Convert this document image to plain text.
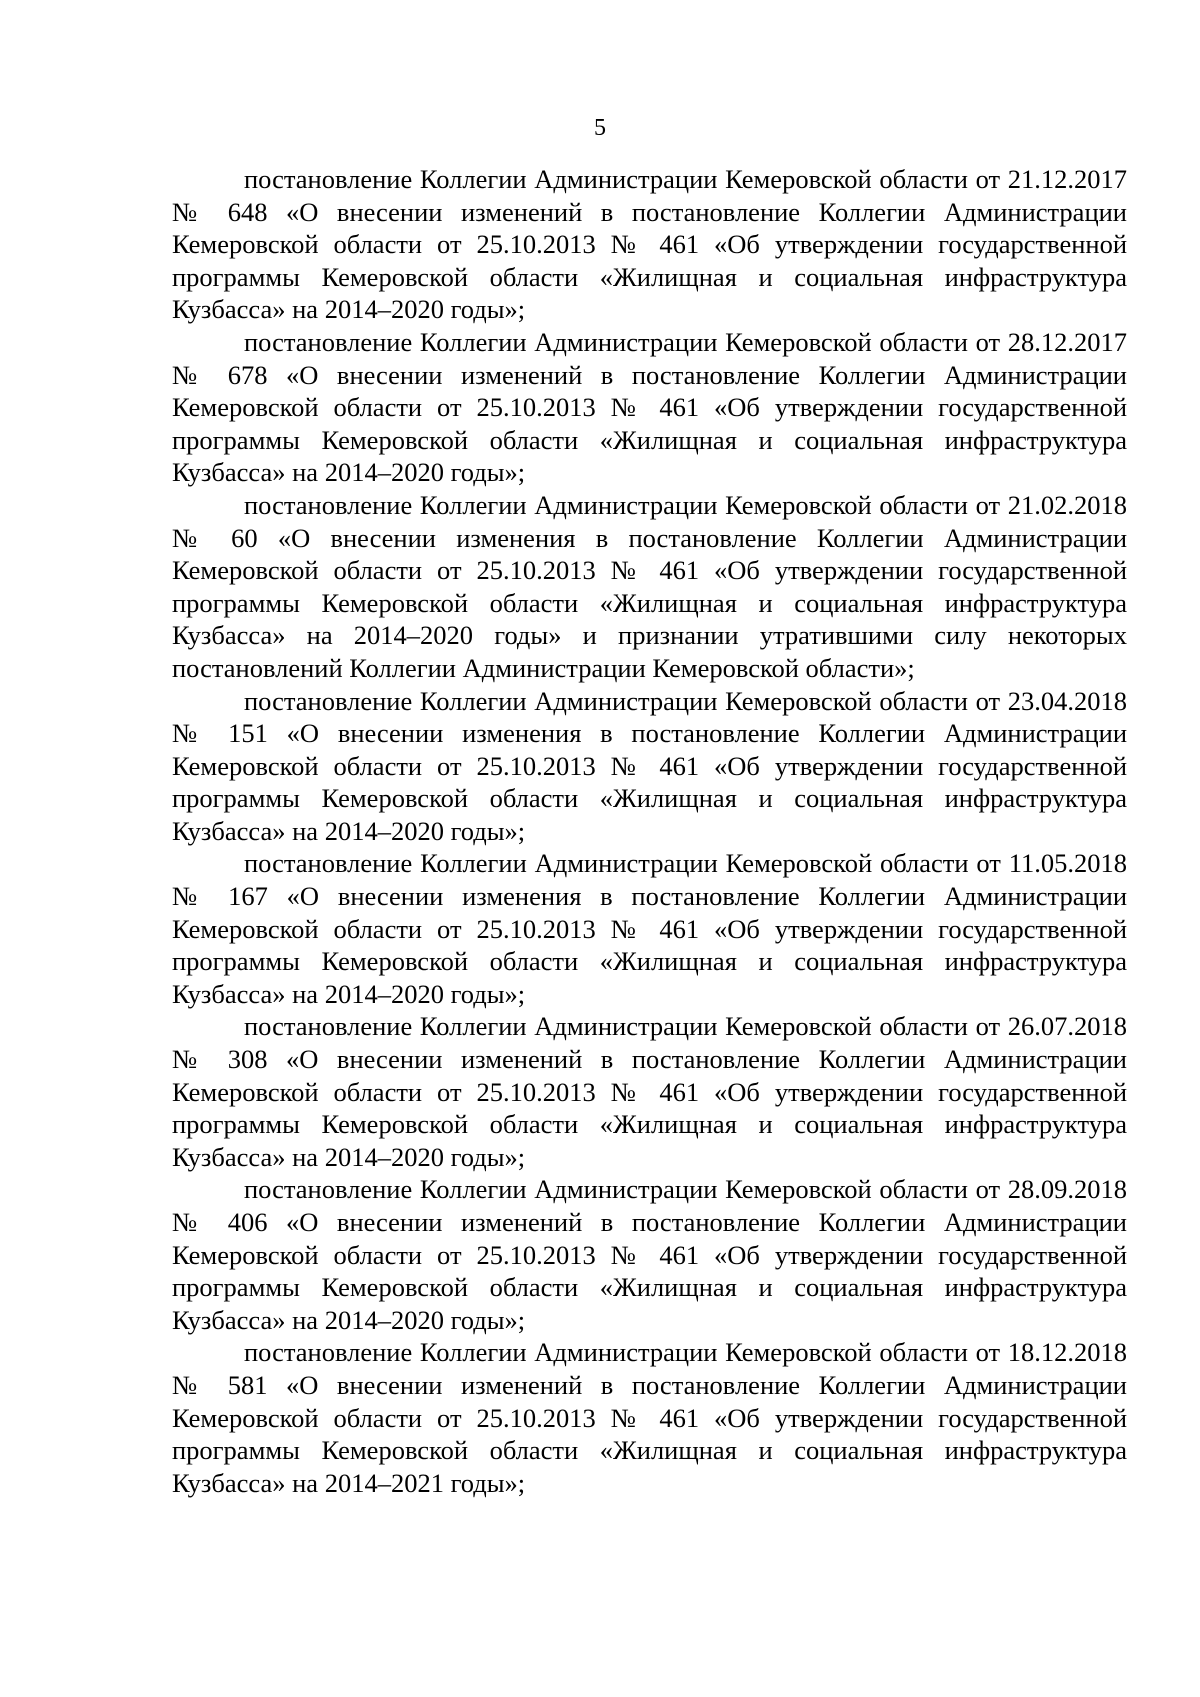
5

постановление Коллегии Администрации Кемеровской области от 21.12.2017 № 648 «О внесении изменений в постановление Коллегии Администрации Кемеровской области от 25.10.2013 № 461 «Об утверждении государственной программы Кемеровской области «Жилищная и социальная инфраструктура Кузбасса» на 2014–2020 годы»;

постановление Коллегии Администрации Кемеровской области от 28.12.2017 № 678 «О внесении изменений в постановление Коллегии Администрации Кемеровской области от 25.10.2013 № 461 «Об утверждении государственной программы Кемеровской области «Жилищная и социальная инфраструктура Кузбасса» на 2014–2020 годы»;

постановление Коллегии Администрации Кемеровской области от 21.02.2018 № 60 «О внесении изменения в постановление Коллегии Администрации Кемеровской области от 25.10.2013 № 461 «Об утверждении государственной программы Кемеровской области «Жилищная и социальная инфраструктура Кузбасса» на 2014–2020 годы» и признании утратившими силу некоторых постановлений Коллегии Администрации Кемеровской области»;

постановление Коллегии Администрации Кемеровской области от 23.04.2018 № 151 «О внесении изменения в постановление Коллегии Администрации Кемеровской области от 25.10.2013 № 461 «Об утверждении государственной программы Кемеровской области «Жилищная и социальная инфраструктура Кузбасса» на 2014–2020 годы»;

постановление Коллегии Администрации Кемеровской области от 11.05.2018 № 167 «О внесении изменения в постановление Коллегии Администрации Кемеровской области от 25.10.2013 № 461 «Об утверждении государственной программы Кемеровской области «Жилищная и социальная инфраструктура Кузбасса» на 2014–2020 годы»;

постановление Коллегии Администрации Кемеровской области от 26.07.2018 № 308 «О внесении изменений в постановление Коллегии Администрации Кемеровской области от 25.10.2013 № 461 «Об утверждении государственной программы Кемеровской области «Жилищная и социальная инфраструктура Кузбасса» на 2014–2020 годы»;

постановление Коллегии Администрации Кемеровской области от 28.09.2018 № 406 «О внесении изменений в постановление Коллегии Администрации Кемеровской области от 25.10.2013 № 461 «Об утверждении государственной программы Кемеровской области «Жилищная и социальная инфраструктура Кузбасса» на 2014–2020 годы»;

постановление Коллегии Администрации Кемеровской области от 18.12.2018 № 581 «О внесении изменений в постановление Коллегии Администрации Кемеровской области от 25.10.2013 № 461 «Об утверждении государственной программы Кемеровской области «Жилищная и социальная инфраструктура Кузбасса» на 2014–2021 годы»;
